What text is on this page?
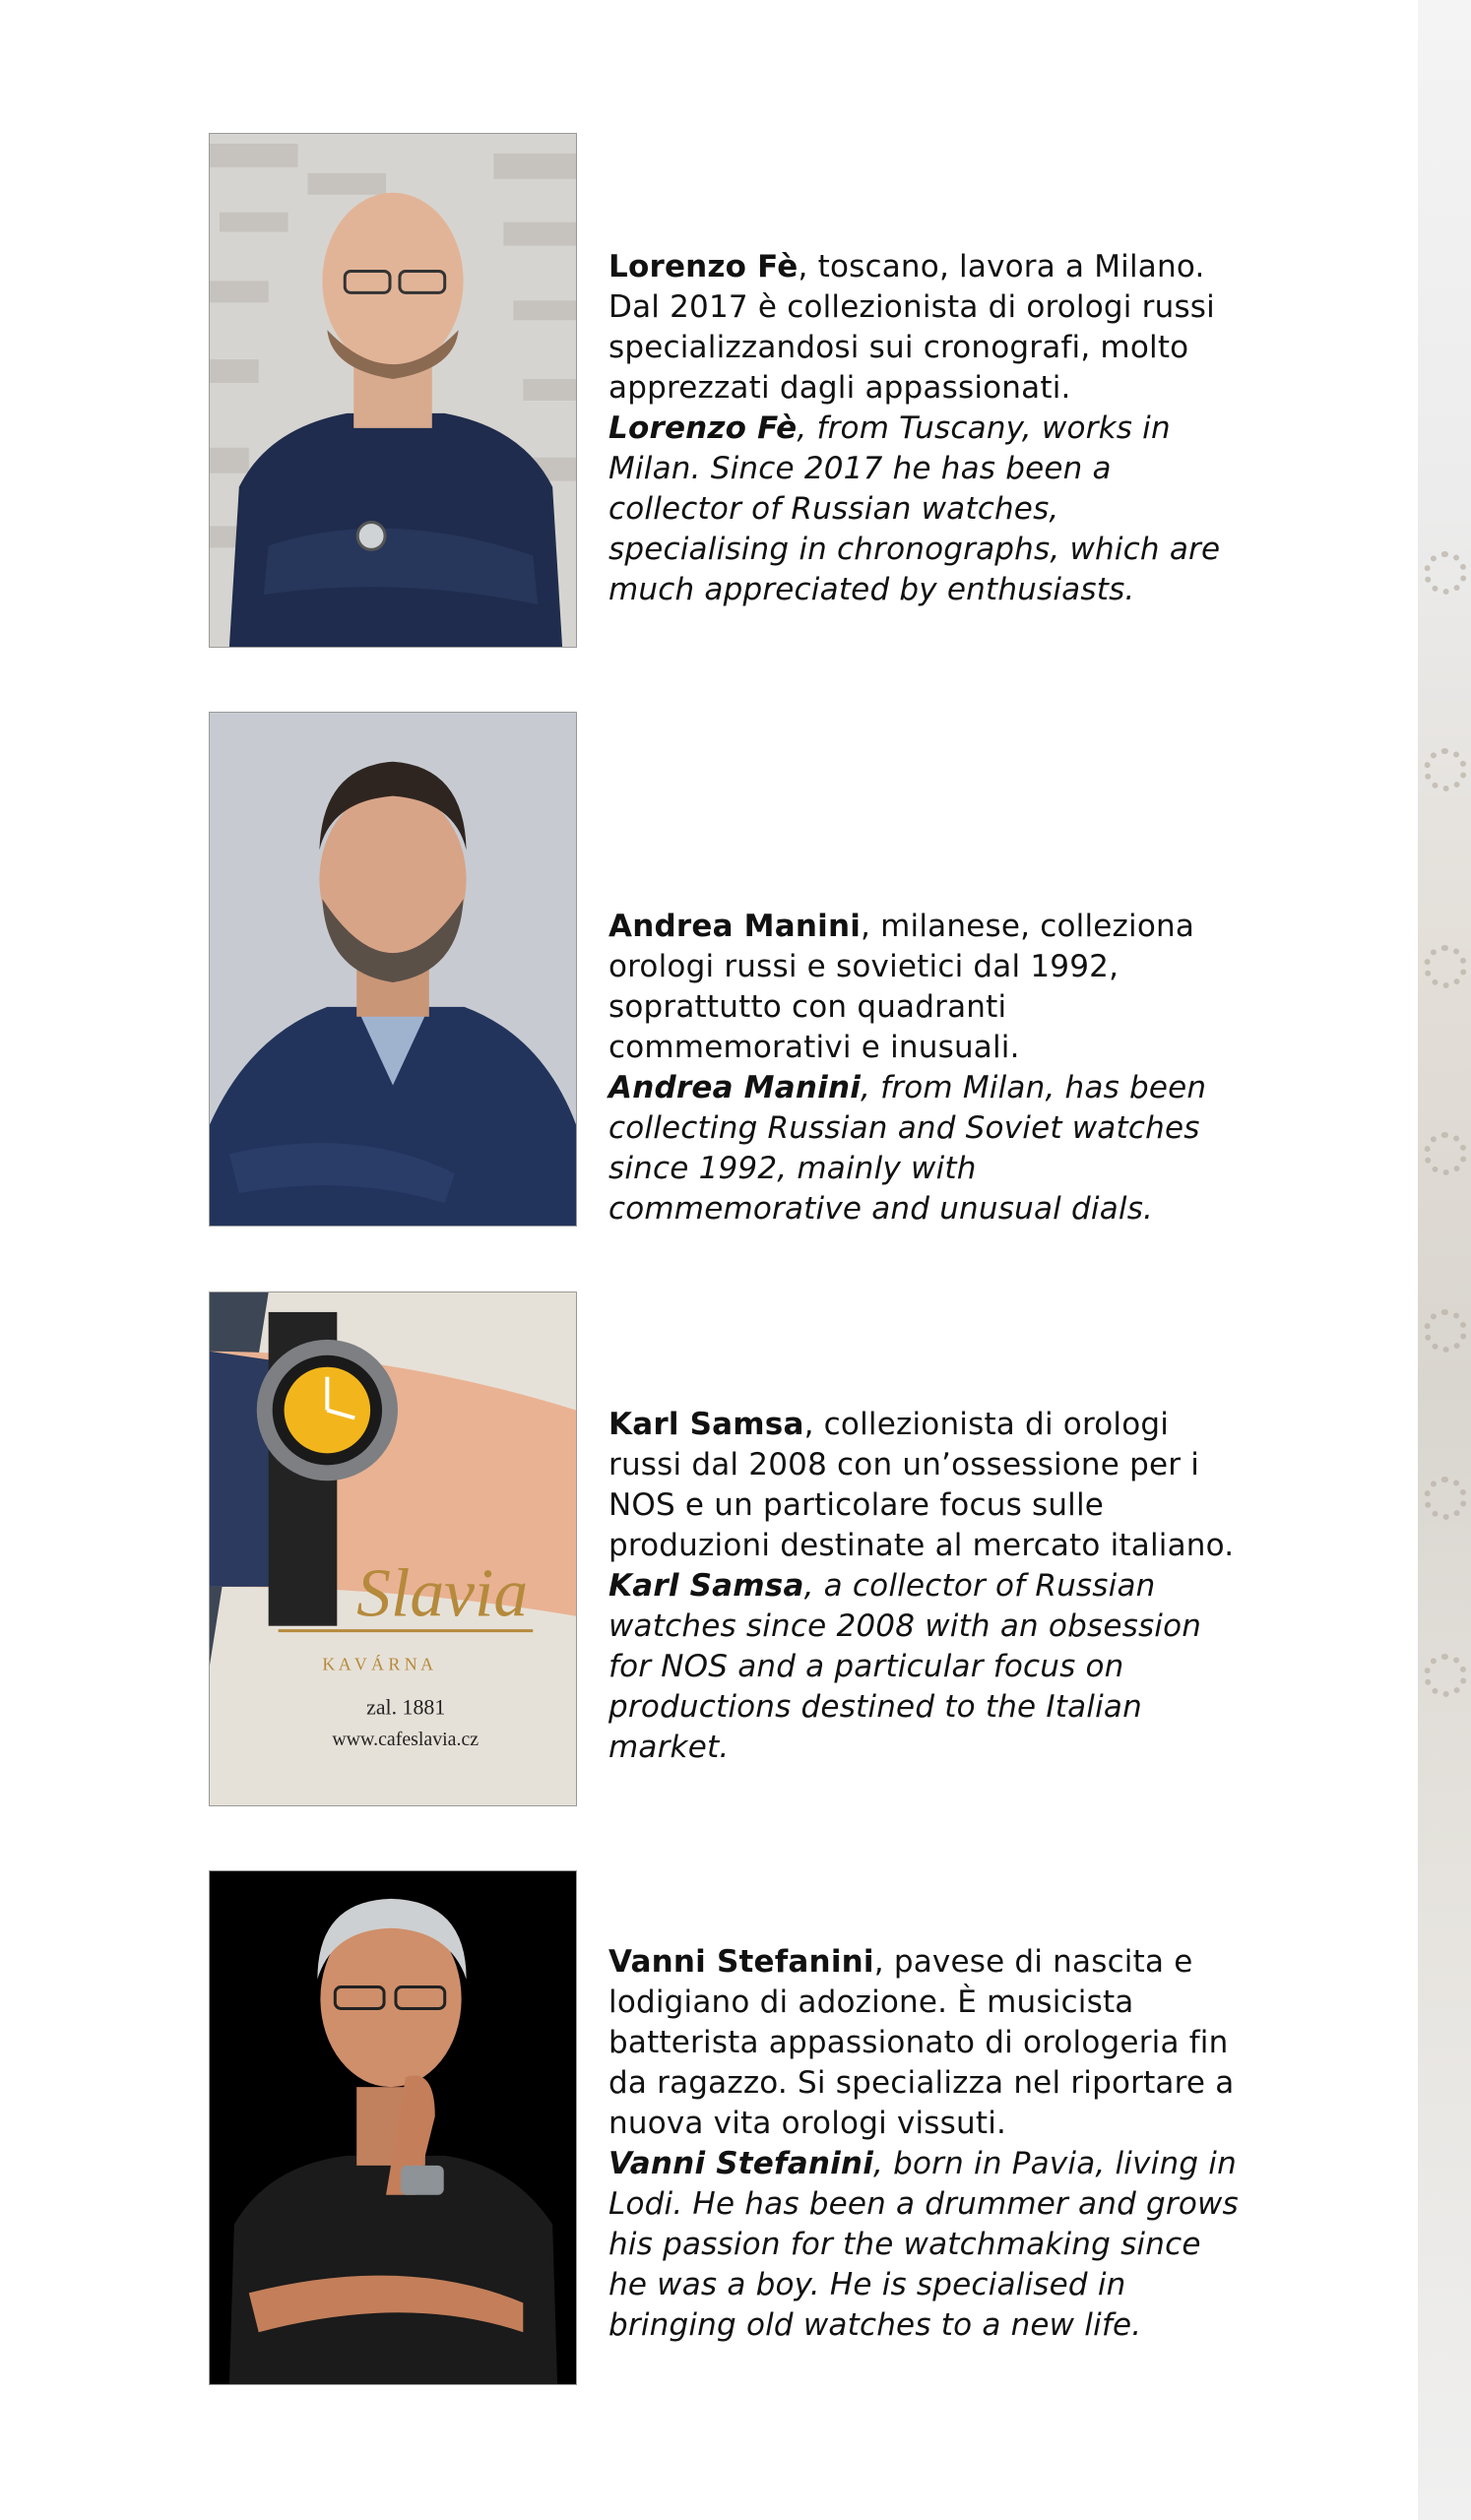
Lorenzo Fè, toscano, lavora a Milano. Dal 2017 è collezionista di orologi russi specializzandosi sui cronografi, molto apprezzati dagli appassionati.

Lorenzo Fè, from Tuscany, works in Milan. Since 2017 he has been a collector of Russian watches, specialising in chronographs, which are much appreciated by enthusiasts.

Andrea Manini, milanese, colleziona orologi russi e sovietici dal 1992, soprattutto con quadranti commemorativi e inusuali.

Andrea Manini, from Milan, has been collecting Russian and Soviet watches since 1992, mainly with commemorative and unusual dials.

Slavia
K A V Á R N A
zal. 1881
www.cafeslavia.cz

Karl Samsa, collezionista di orologi russi dal 2008 con un’ossessione per i NOS e un particolare focus sulle produzioni destinate al mercato italiano.

Karl Samsa, a collector of Russian watches since 2008 with an obsession for NOS and a particular focus on productions destined to the Italian market.

Vanni Stefanini, pavese di nascita e lodigiano di adozione. È musicista batterista appassionato di orologeria fin da ragazzo. Si specializza nel riportare a nuova vita orologi vissuti.

Vanni Stefanini, born in Pavia, living in Lodi. He has been a drummer and grows his passion for the watchmaking since he was a boy. He is specialised in bringing old watches to a new life.
